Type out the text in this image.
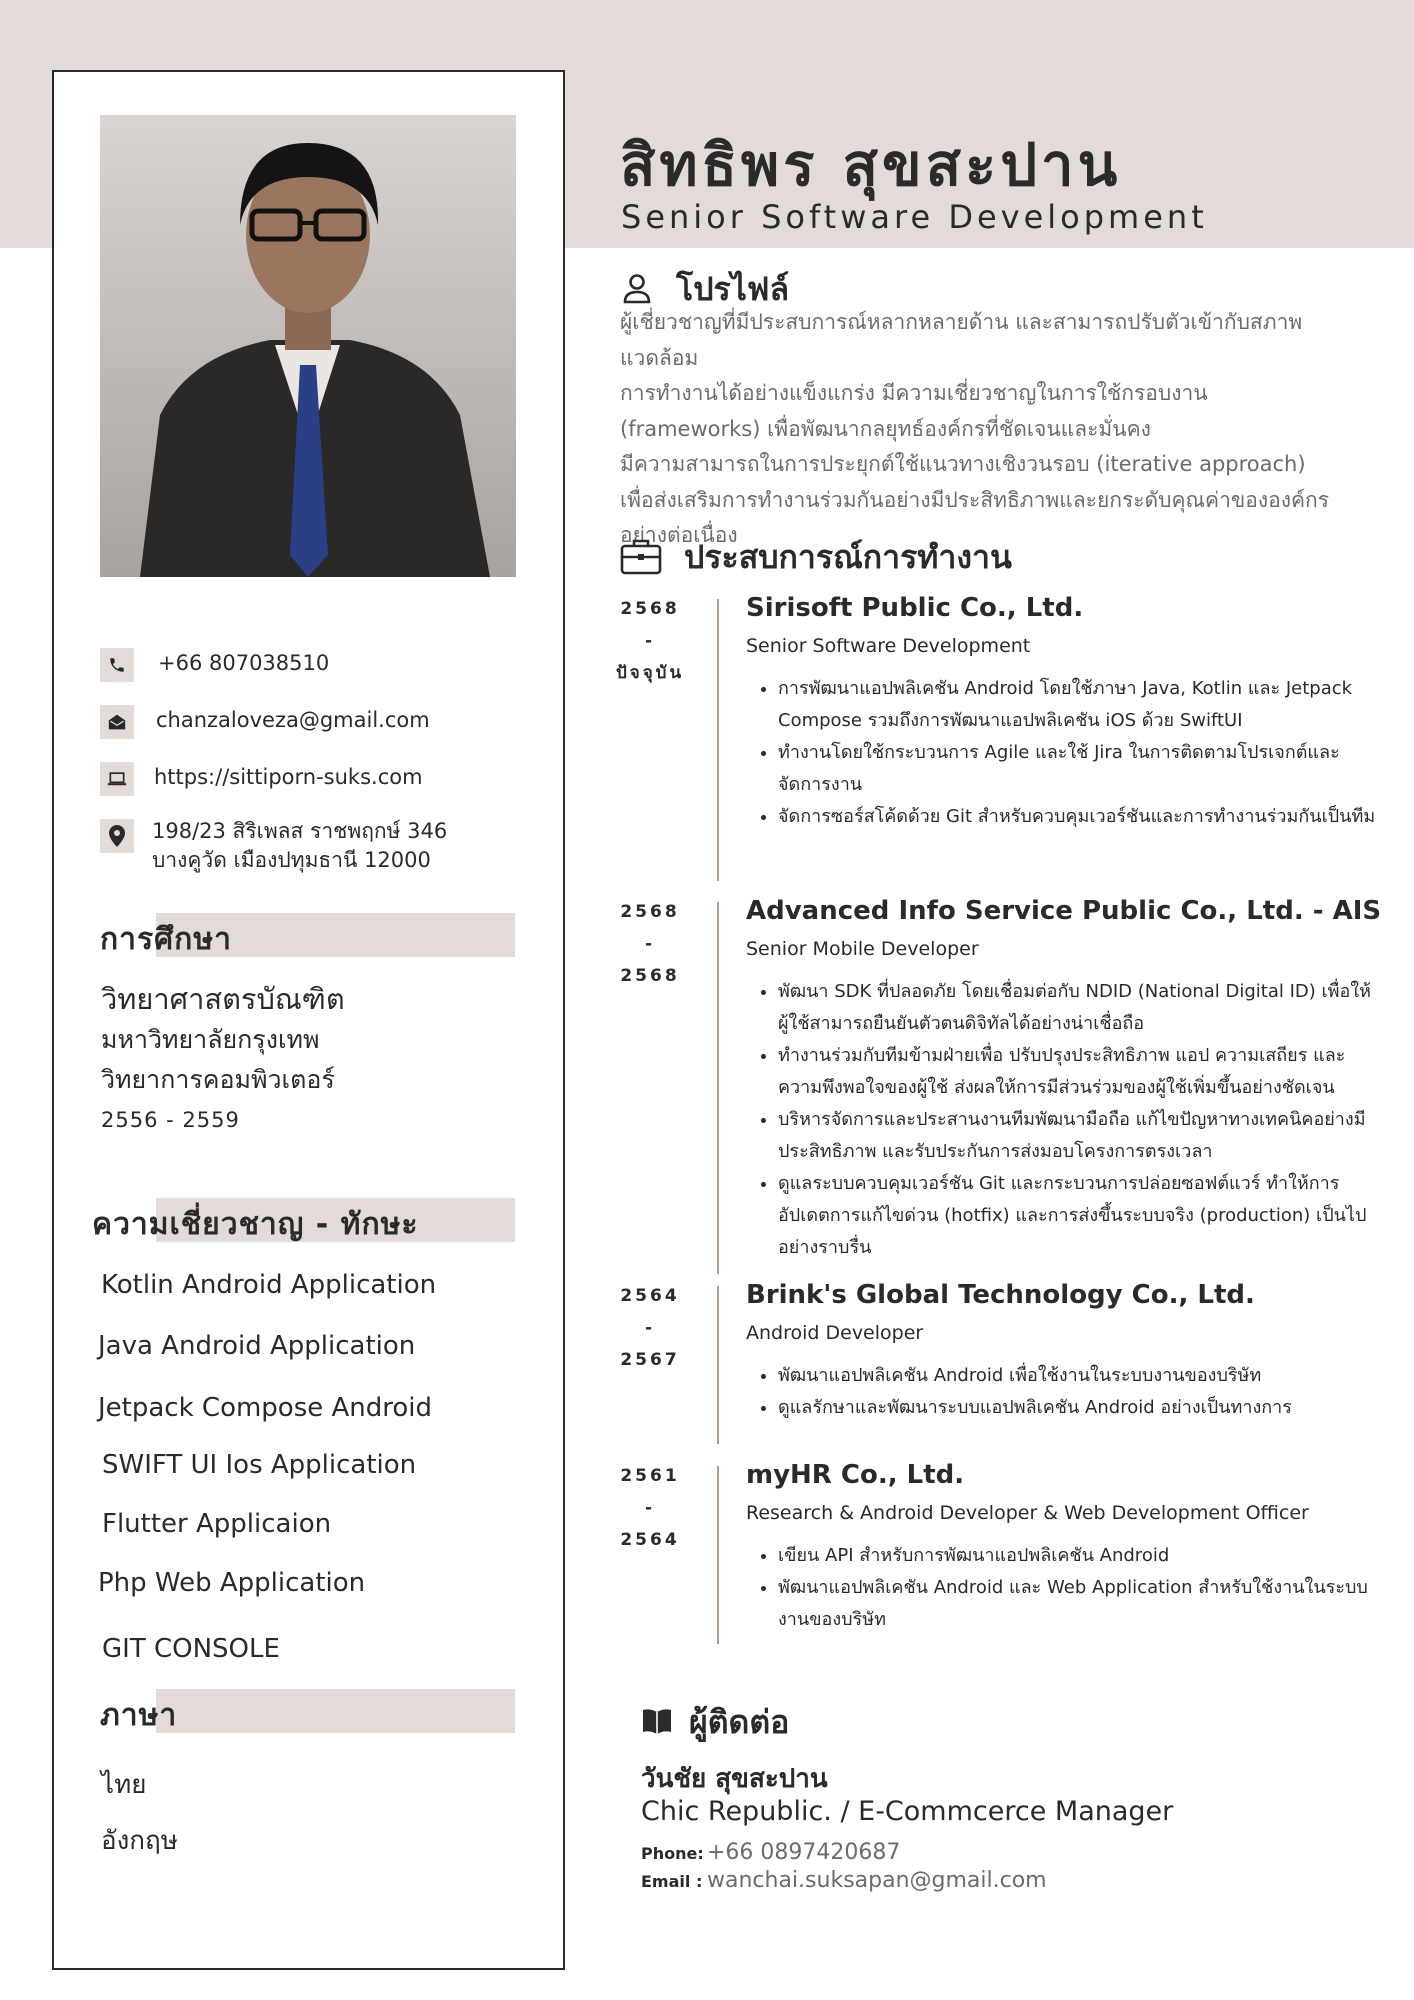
+66 807038510
chanzaloveza@gmail.com
https://sittiporn-suks.com
198/23 สิริเพลส ราชพฤกษ์ 346
บางคูวัด เมืองปทุมธานี 12000
การศึกษา
วิทยาศาสตรบัณฑิต
มหาวิทยาลัยกรุงเทพ
วิทยาการคอมพิวเตอร์
2556 - 2559
ความเชี่ยวชาญ - ทักษะ
Kotlin Android Application
Java Android Application
Jetpack Compose Android
SWIFT UI Ios Application
Flutter Applicaion
Php Web Application
GIT CONSOLE
ภาษา
ไทย
อังกฤษ
สิทธิพร สุขสะปาน
Senior Software Development
โปรไฟล์
ผู้เชี่ยวชาญที่มีประสบการณ์หลากหลายด้าน และสามารถปรับตัวเข้ากับสภาพแวดล้อม
การทำงานได้อย่างแข็งแกร่ง มีความเชี่ยวชาญในการใช้กรอบงาน
(frameworks) เพื่อพัฒนากลยุทธ์องค์กรที่ชัดเจนและมั่นคง
มีความสามารถในการประยุกต์ใช้แนวทางเชิงวนรอบ (iterative approach)
เพื่อส่งเสริมการทำงานร่วมกันอย่างมีประสิทธิภาพและยกระดับคุณค่าขององค์กร
อย่างต่อเนื่อง
ประสบการณ์การทำงาน
2568
-
ปัจจุบัน
Sirisoft Public Co., Ltd.
Senior Software Development
• การพัฒนาแอปพลิเคชัน Android โดยใช้ภาษา Java, Kotlin และ Jetpack Compose รวมถึงการพัฒนาแอปพลิเคชัน iOS ด้วย SwiftUI
• ทำงานโดยใช้กระบวนการ Agile และใช้ Jira ในการติดตามโปรเจกต์และจัดการงาน
• จัดการซอร์สโค้ดด้วย Git สำหรับควบคุมเวอร์ชันและการทำงานร่วมกันเป็นทีม
2568
-
2568
Advanced Info Service Public Co., Ltd. - AIS
Senior Mobile Developer
• พัฒนา SDK ที่ปลอดภัย โดยเชื่อมต่อกับ NDID (National Digital ID) เพื่อให้ผู้ใช้สามารถยืนยันตัวตนดิจิทัลได้อย่างน่าเชื่อถือ
• ทำงานร่วมกับทีมข้ามฝ่ายเพื่อ ปรับปรุงประสิทธิภาพ แอป ความเสถียร และความพึงพอใจของผู้ใช้ ส่งผลให้การมีส่วนร่วมของผู้ใช้เพิ่มขึ้นอย่างชัดเจน
• บริหารจัดการและประสานงานทีมพัฒนามือถือ แก้ไขปัญหาทางเทคนิคอย่างมีประสิทธิภาพ และรับประกันการส่งมอบโครงการตรงเวลา
• ดูแลระบบควบคุมเวอร์ชัน Git และกระบวนการปล่อยซอฟต์แวร์ ทำให้การอัปเดตการแก้ไขด่วน (hotfix) และการส่งขึ้นระบบจริง (production) เป็นไปอย่างราบรื่น
2564
-
2567
Brink's Global Technology Co., Ltd.
Android Developer
• พัฒนาแอปพลิเคชัน Android เพื่อใช้งานในระบบงานของบริษัท
• ดูแลรักษาและพัฒนาระบบแอปพลิเคชัน Android อย่างเป็นทางการ
2561
-
2564
myHR Co., Ltd.
Research & Android Developer & Web Development Officer
• เขียน API สำหรับการพัฒนาแอปพลิเคชัน Android
• พัฒนาแอปพลิเคชัน Android และ Web Application สำหรับใช้งานในระบบงานของบริษัท
ผู้ติดต่อ
วันชัย สุขสะปาน
Chic Republic. / E-Commcerce Manager
Phone: +66 0897420687
Email : wanchai.suksapan@gmail.com
